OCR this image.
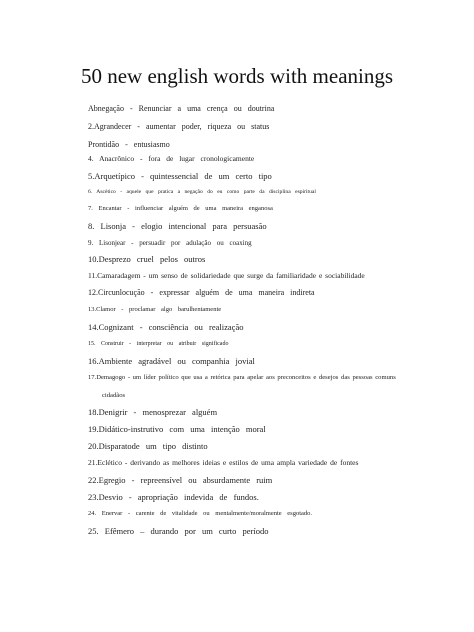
50 new english words with meanings
Abnegação - Renunciar a uma crença ou doutrina
2.Agrandecer - aumentar poder, riqueza ou status
Prontidão - entusiasmo
4. Anacrônico - fora de lugar cronologicamente
5.Arquetípico - quintessencial de um certo tipo
6. Ascético - aquele que pratica a negação do eu como parte da disciplina espiritual
7. Encantar - influenciar alguém de uma maneira enganosa
8. Lisonja - elogio intencional para persuasão
9. Lisonjear - persuadir por adulação ou coaxing
10.Desprezo cruel pelos outros
11.Camaradagem - um senso de solidariedade que surge da familiaridade e sociabilidade
12.Circunlocução - expressar alguém de uma maneira indireta
13.Clamor - proclamar algo barulhentamente
14.Cognizant - consciência ou realização
15. Construir - interpretar ou atribuir significado
16.Ambiente agradável ou companhia jovial
17.Demagogo - um líder político que usa a retórica para apelar aos preconceitos e desejos das pessoas comuns
cidadãos
18.Denigrir - menosprezar alguém
19.Didático-instrutivo com uma intenção moral
20.Disparatode um tipo distinto
21.Eclético - derivando as melhores ideias e estilos de uma ampla variedade de fontes
22.Egregio - repreensível ou absurdamente ruim
23.Desvio - apropriação indevida de fundos.
24. Enervar - carente de vitalidade ou mentalmente/moralmente esgotado.
25. Efêmero – durando por um curto período
